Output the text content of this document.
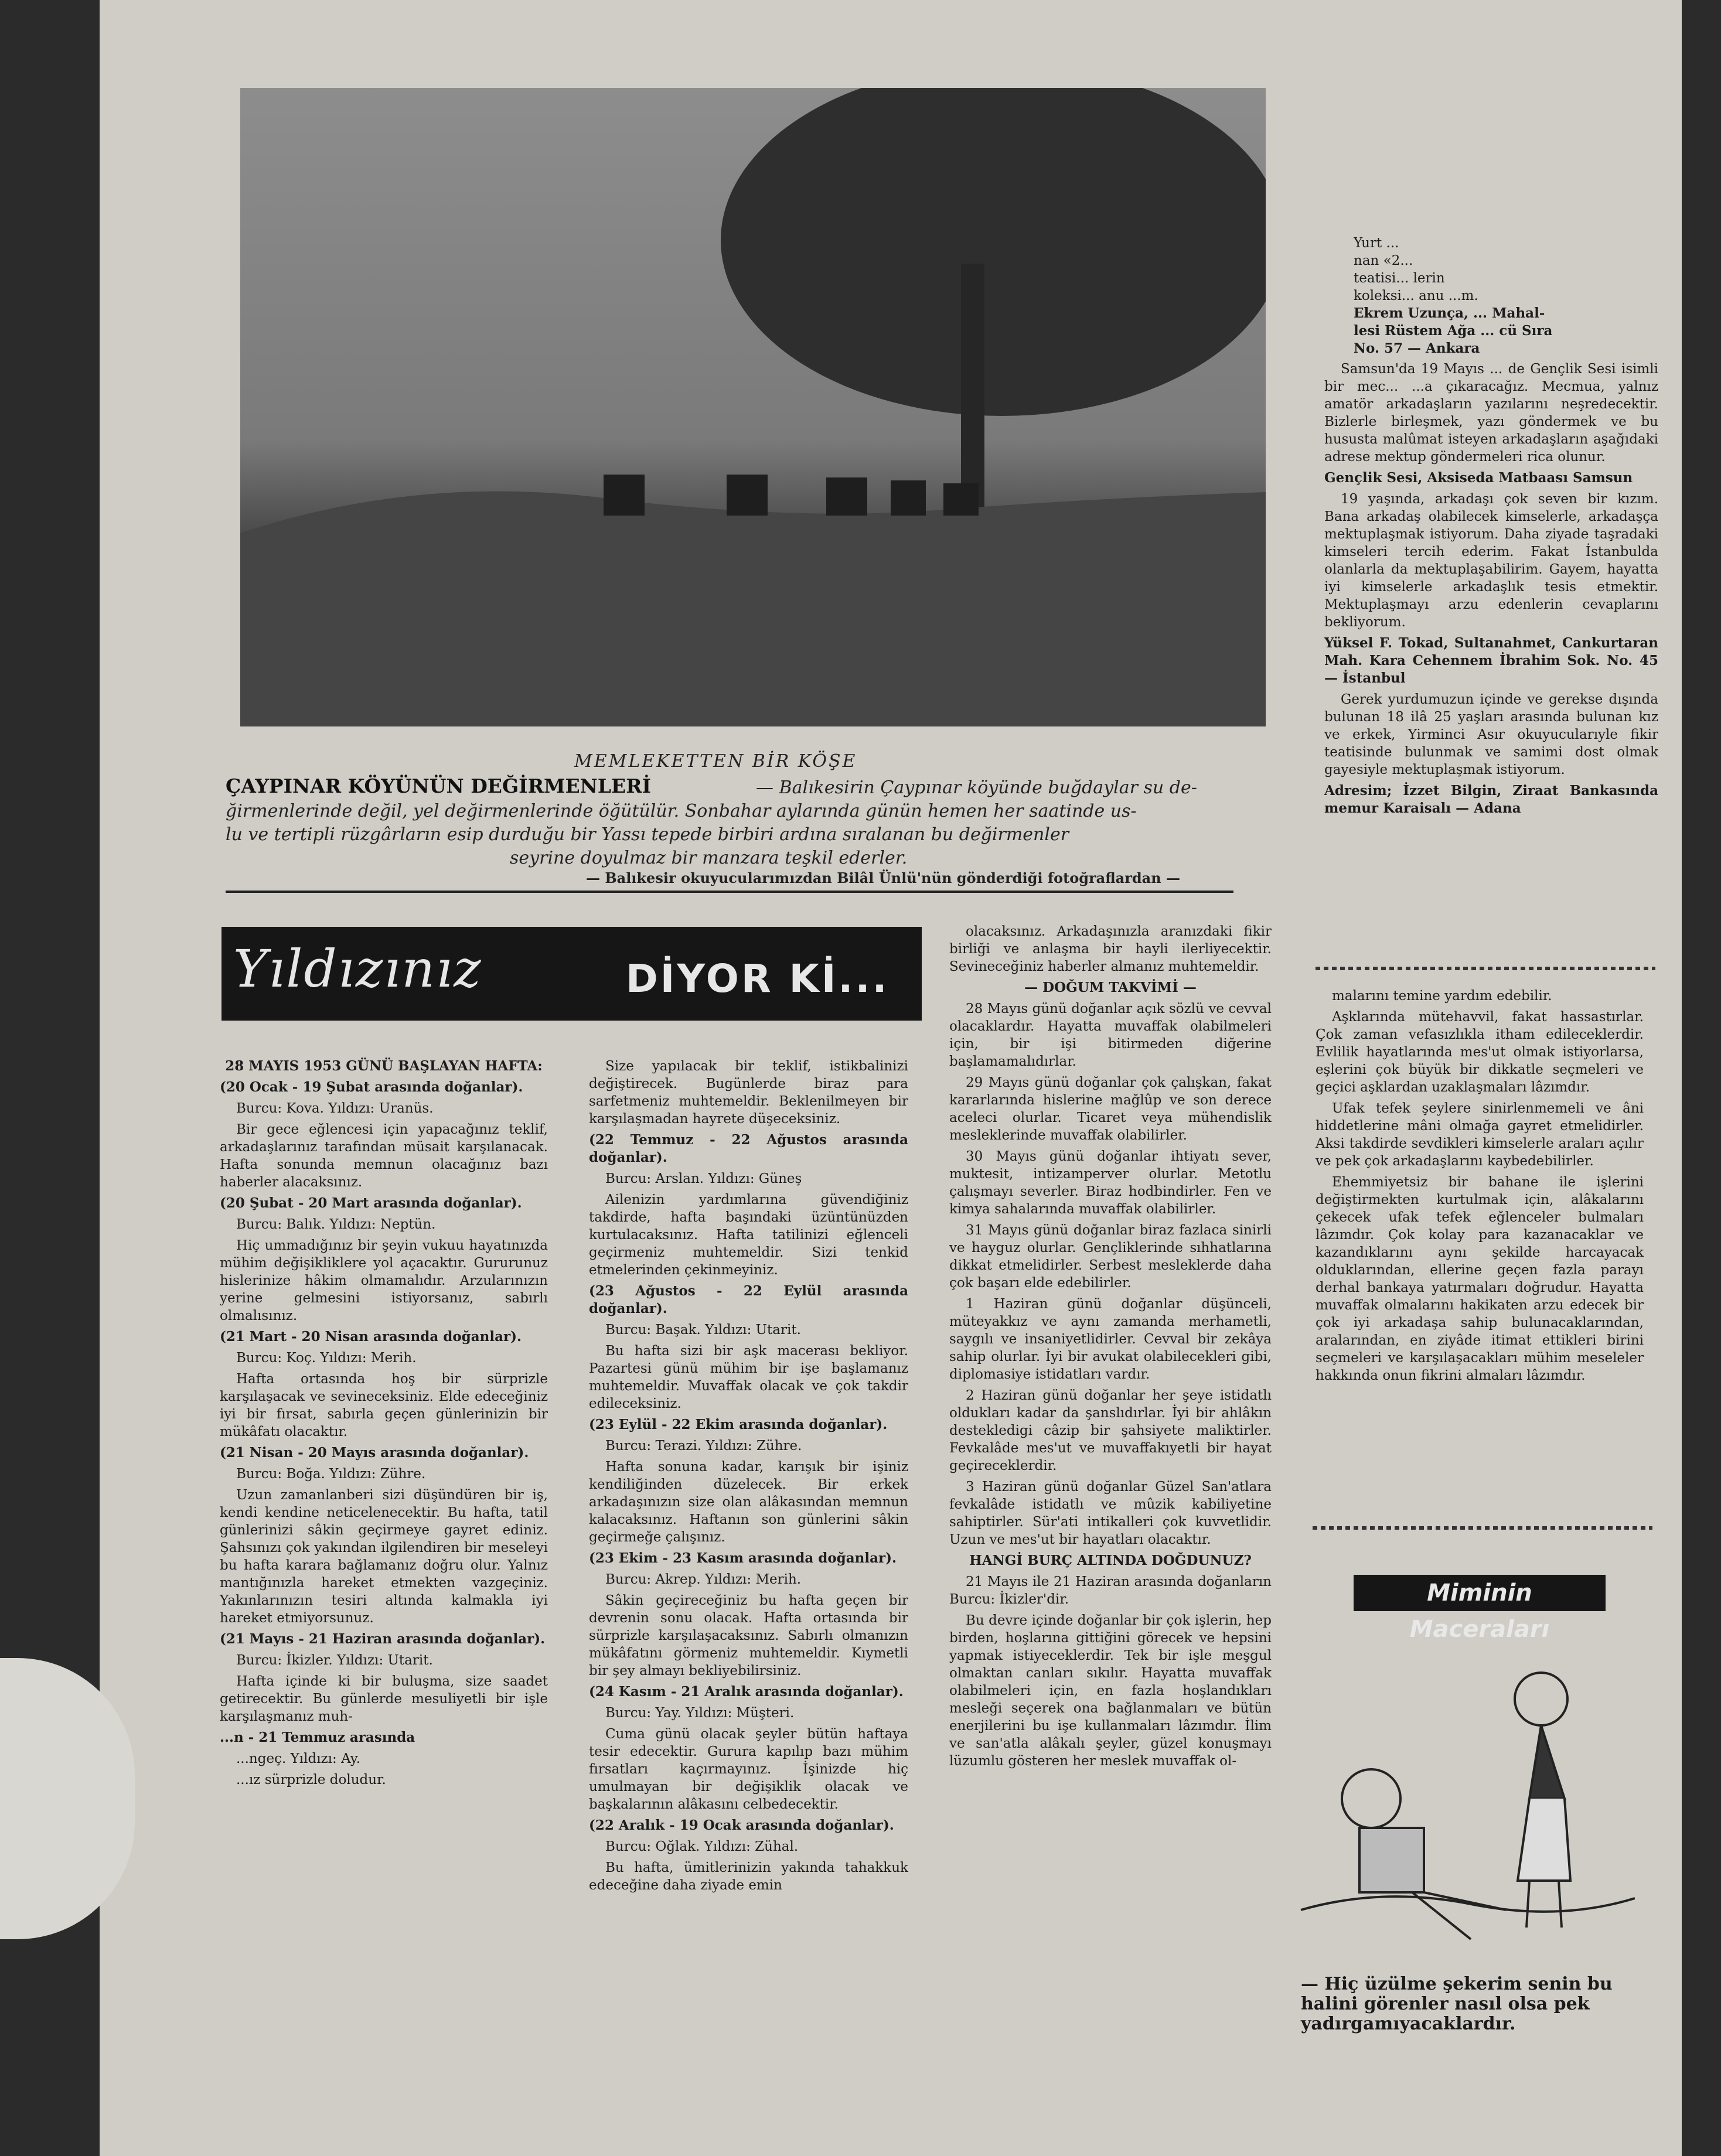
MEMLEKETTEN BİR KÖŞE
ÇAYPINAR KÖYÜNÜN DEĞİRMENLERİ	— Balıkesirin Çaypınar köyünde buğdaylar su de-
ğirmenlerinde değil, yel değirmenlerinde öğütülür. Sonbahar aylarında günün hemen her saatinde us-
lu ve tertipli rüzgârların esip durduğu bir Yassı tepede birbiri ardına sıralanan bu değirmenler
seyrine doyulmaz bir manzara teşkil ederler.
— Balıkesir okuyucularımızdan Bilâl Ünlü'nün gönderdiği fotoğraflardan —
Yıldızınız	DİYOR Kİ...

28 MAYIS 1953 GÜNÜ BAŞLAYAN HAFTA:

(20 Ocak - 19 Şubat arasında doğanlar).

Burcu: Kova. Yıldızı: Uranüs.

Bir gece eğlencesi için yapacağınız teklif, arkadaşlarınız tarafından müsait karşılanacak. Hafta sonunda memnun olacağınız bazı haberler alacaksınız.

(20 Şubat - 20 Mart arasında doğanlar).

Burcu: Balık. Yıldızı: Neptün.

Hiç ummadığınız bir şeyin vukuu hayatınızda mühim değişikliklere yol açacaktır. Gururunuz hislerinize hâkim olmamalıdır. Arzularınızın yerine gelmesini istiyorsanız, sabırlı olmalısınız.

(21 Mart - 20 Nisan arasında doğanlar).

Burcu: Koç. Yıldızı: Merih.

Hafta ortasında hoş bir sürprizle karşılaşacak ve sevineceksiniz. Elde edeceğiniz iyi bir fırsat, sabırla geçen günlerinizin bir mükâfatı olacaktır.

(21 Nisan - 20 Mayıs arasında doğanlar).

Burcu: Boğa. Yıldızı: Zühre.

Uzun zamanlanberi sizi düşündüren bir iş, kendi kendine neticelenecektir. Bu hafta, tatil günlerinizi sâkin geçirmeye gayret ediniz. Şahsınızı çok yakından ilgilendiren bir meseleyi bu hafta karara bağlamanız doğru olur. Yalnız mantığınızla hareket etmekten vazgeçiniz. Yakınlarınızın tesiri altında kalmakla iyi hareket etmiyorsunuz.

(21 Mayıs - 21 Haziran arasında doğanlar).

Burcu: İkizler. Yıldızı: Utarit.

Hafta içinde ki bir buluşma, size saadet getirecektir. Bu günlerde mesuliyetli bir işle karşılaşmanız muh-

...n - 21 Temmuz arasında

...ngeç. Yıldızı: Ay.

...ız sürprizle doludur.

Size yapılacak bir teklif, istikbalinizi değiştirecek. Bugünlerde biraz para sarfetmeniz muhtemeldir. Beklenilmeyen bir karşılaşmadan hayrete düşeceksiniz.

(22 Temmuz - 22 Ağustos arasında doğanlar).

Burcu: Arslan. Yıldızı: Güneş

Ailenizin yardımlarına güvendiğiniz takdirde, hafta başındaki üzüntünüzden kurtulacaksınız. Hafta tatilinizi eğlenceli geçirmeniz muhtemeldir. Sizi tenkid etmelerinden çekinmeyiniz.

(23 Ağustos - 22 Eylül arasında doğanlar).

Burcu: Başak. Yıldızı: Utarit.

Bu hafta sizi bir aşk macerası bekliyor. Pazartesi günü mühim bir işe başlamanız muhtemeldir. Muvaffak olacak ve çok takdir edileceksiniz.

(23 Eylül - 22 Ekim arasında doğanlar).

Burcu: Terazi. Yıldızı: Zühre.

Hafta sonuna kadar, karışık bir işiniz kendiliğinden düzelecek. Bir erkek arkadaşınızın size olan alâkasından memnun kalacaksınız. Haftanın son günlerini sâkin geçirmeğe çalışınız.

(23 Ekim - 23 Kasım arasında doğanlar).

Burcu: Akrep. Yıldızı: Merih.

Sâkin geçireceğiniz bu hafta geçen bir devrenin sonu olacak. Hafta ortasında bir sürprizle karşılaşacaksınız. Sabırlı olmanızın mükâfatını görmeniz muhtemeldir. Kıymetli bir şey almayı bekliyebilirsiniz.

(24 Kasım - 21 Aralık arasında doğanlar).

Burcu: Yay. Yıldızı: Müşteri.

Cuma günü olacak şeyler bütün haftaya tesir edecektir. Gurura kapılıp bazı mühim fırsatları kaçırmayınız. İşinizde hiç umulmayan bir değişiklik olacak ve başkalarının alâkasını celbedecektir.

(22 Aralık - 19 Ocak arasında doğanlar).

Burcu: Oğlak. Yıldızı: Zühal.

Bu hafta, ümitlerinizin yakında tahakkuk edeceğine daha ziyade emin

olacaksınız. Arkadaşınızla aranızdaki fikir birliği ve anlaşma bir hayli ilerliyecektir. Sevineceğiniz haberler almanız muhtemeldir.

— DOĞUM TAKVİMİ —

28 Mayıs günü doğanlar açık sözlü ve cevval olacaklardır. Hayatta muvaffak olabilmeleri için, bir işi bitirmeden diğerine başlamamalıdırlar.

29 Mayıs günü doğanlar çok çalışkan, fakat kararlarında hislerine mağlûp ve son derece aceleci olurlar. Ticaret veya mühendislik mesleklerinde muvaffak olabilirler.

30 Mayıs günü doğanlar ihtiyatı sever, muktesit, intizamperver olurlar. Metotlu çalışmayı severler. Biraz hodbindirler. Fen ve kimya sahalarında muvaffak olabilirler.

31 Mayıs günü doğanlar biraz fazlaca sinirli ve hayguz olurlar. Gençliklerinde sıhhatlarına dikkat etmelidirler. Serbest mesleklerde daha çok başarı elde edebilirler.

1 Haziran günü doğanlar düşünceli, müteyakkız ve aynı zamanda merhametli, saygılı ve insaniyetlidirler. Cevval bir zekâya sahip olurlar. İyi bir avukat olabilecekleri gibi, diplomasiye istidatları vardır.

2 Haziran günü doğanlar her şeye istidatlı oldukları kadar da şanslıdırlar. İyi bir ahlâkın destekledigi câzip bir şahsiyete maliktirler. Fevkalâde mes'ut ve muvaffakıyetli bir hayat geçireceklerdir.

3 Haziran günü doğanlar Güzel San'atlara fevkalâde istidatlı ve mûzik kabiliyetine sahiptirler. Sür'ati intikalleri çok kuvvetlidir. Uzun ve mes'ut bir hayatları olacaktır.

HANGİ BURÇ ALTINDA DOĞDUNUZ?

21 Mayıs ile 21 Haziran arasında doğanların Burcu: İkizler'dir.

Bu devre içinde doğanlar bir çok işlerin, hep birden, hoşlarına gittiğini görecek ve hepsini yapmak istiyeceklerdir. Tek bir işle meşgul olmaktan canları sıkılır. Hayatta muvaffak olabilmeleri için, en fazla hoşlandıkları mesleği seçerek ona bağlanmaları ve bütün enerjilerini bu işe kullanmaları lâzımdır. İlim ve san'atla alâkalı şeyler, güzel konuşmayı lüzumlu gösteren her meslek muvaffak ol-

malarını temine yardım edebilir.

Aşklarında mütehavvil, fakat hassastırlar. Çok zaman vefasızlıkla itham edileceklerdir. Evlilik hayatlarında mes'ut olmak istiyorlarsa, eşlerini çok büyük bir dikkatle seçmeleri ve geçici aşklardan uzaklaşmaları lâzımdır.

Ufak tefek şeylere sinirlenmemeli ve âni hiddetlerine mâni olmağa gayret etmelidirler. Aksi takdirde sevdikleri kimselerle araları açılır ve pek çok arkadaşlarını kaybedebilirler.

Ehemmiyetsiz bir bahane ile işlerini değiştirmekten kurtulmak için, alâkalarını çekecek ufak tefek eğlenceler bulmaları lâzımdır. Çok kolay para kazanacaklar ve kazandıklarını aynı şekilde harcayacak olduklarından, ellerine geçen fazla parayı derhal bankaya yatırmaları doğrudur. Hayatta muvaffak olmalarını hakikaten arzu edecek bir çok iyi arkadaşa sahip bulunacaklarından, aralarından, en ziyâde itimat ettikleri birini seçmeleri ve karşılaşacakları mühim meseleler hakkında onun fikrini almaları lâzımdır.

Yurt ...
nan «2...
teatisi... lerin
koleksi... anu ...m.
Ekrem Uzunça, ... Mahal-
lesi Rüstem Ağa ... cü Sıra
No. 57 — Ankara

Samsun'da 19 Mayıs ... de Gençlik Sesi isimli bir mec... ...a çıkaracağız. Mecmua, yalnız amatör arkadaşların yazılarını neşredecektir. Bizlerle birleşmek, yazı göndermek ve bu hususta malûmat isteyen arkadaşların aşağıdaki adrese mektup göndermeleri rica olunur.

Gençlik Sesi, Aksiseda Matbaası Samsun

19 yaşında, arkadaşı çok seven bir kızım. Bana arkadaş olabilecek kimselerle, arkadaşça mektuplaşmak istiyorum. Daha ziyade taşradaki kimseleri tercih ederim. Fakat İstanbulda olanlarla da mektuplaşabilirim. Gayem, hayatta iyi kimselerle arkadaşlık tesis etmektir. Mektuplaşmayı arzu edenlerin cevaplarını bekliyorum.

Yüksel F. Tokad, Sultanahmet, Cankurtaran Mah. Kara Cehennem İbrahim Sok. No. 45 — İstanbul

Gerek yurdumuzun içinde ve gerekse dışında bulunan 18 ilâ 25 yaşları arasında bulunan kız ve erkek, Yirminci Asır okuyucularıyle fikir teatisinde bulunmak ve samimi dost olmak gayesiyle mektuplaşmak istiyorum.

Adresim; İzzet Bilgin, Ziraat Bankasında memur Karaisalı — Adana

Miminin Maceraları
— Hiç üzülme şekerim senin bu halini görenler nasıl olsa pek yadırgamıyacaklardır.
